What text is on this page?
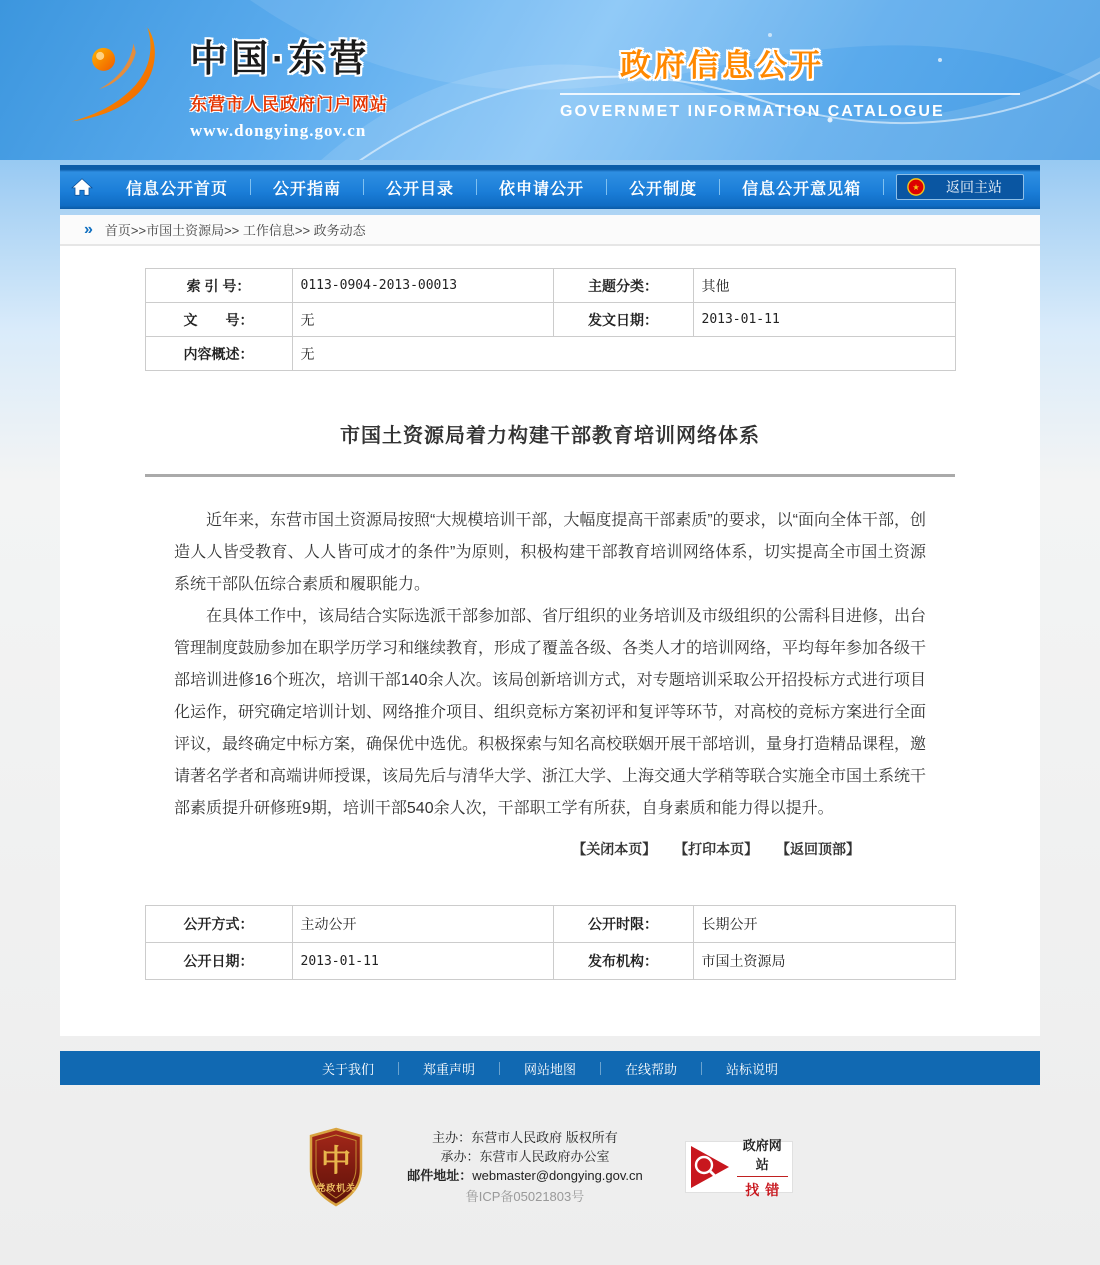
中国·东营
东营市人民政府门户网站
www.dongying.gov.cn
政府信息公开
GOVERNMET INFORMATION CATALOGUE
信息公开首页	公开指南	公开目录	依申请公开	公开制度	信息公开意见箱	★	返回主站
» 首页>>市国土资源局>> 工作信息>> 政务动态
索 引 号：	0113-0904-2013-00013	主题分类：	其他
文　　号：	无	发文日期：	2013-01-11
内容概述：	无		
市国土资源局着力构建干部教育培训网络体系

近年来，东营市国土资源局按照“大规模培训干部，大幅度提高干部素质”的要求，以“面向全体干部，创造人人皆受教育、人人皆可成才的条件”为原则，积极构建干部教育培训网络体系，切实提高全市国土资源系统干部队伍综合素质和履职能力。

在具体工作中，该局结合实际选派干部参加部、省厅组织的业务培训及市级组织的公需科目进修，出台管理制度鼓励参加在职学历学习和继续教育，形成了覆盖各级、各类人才的培训网络，平均每年参加各级干部培训进修16个班次，培训干部140余人次。该局创新培训方式，对专题培训采取公开招投标方式进行项目化运作，研究确定培训计划、网络推介项目、组织竞标方案初评和复评等环节，对高校的竞标方案进行全面评议，最终确定中标方案，确保优中选优。积极探索与知名高校联姻开展干部培训，量身打造精品课程，邀请著名学者和高端讲师授课，该局先后与清华大学、浙江大学、上海交通大学稍等联合实施全市国土系统干部素质提升研修班9期，培训干部540余人次，干部职工学有所获，自身素质和能力得以提升。

【关闭本页】 【打印本页】 【返回顶部】
公开方式：	主动公开	公开时限：	长期公开
公开日期：	2013-01-11	发布机构：	市国土资源局
关于我们	郑重声明	网站地图	在线帮助	站标说明
中
党政机关
主办：东营市人民政府 版权所有
承办：东营市人民政府办公室
邮件地址：webmaster@dongying.gov.cn
鲁ICP备05021803号
政府网站
找错
